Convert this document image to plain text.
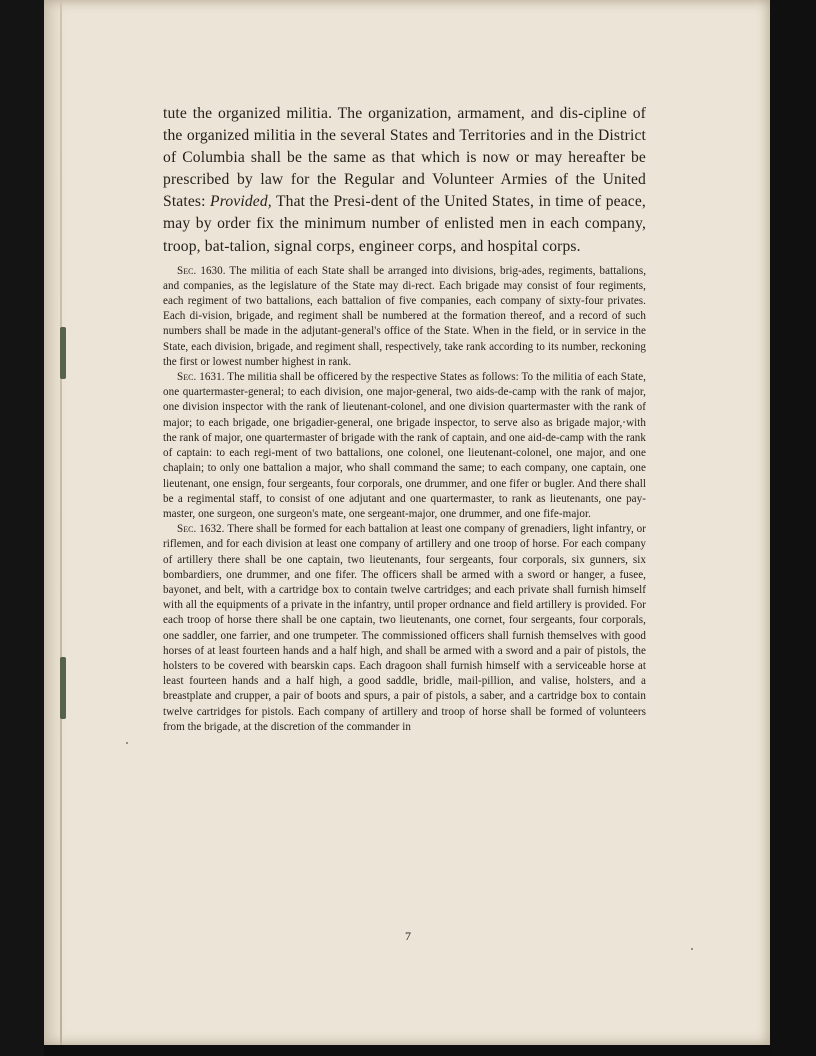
tute the organized militia. The organization, armament, and dis-cipline of the organized militia in the several States and Territories and in the District of Columbia shall be the same as that which is now or may hereafter be prescribed by law for the Regular and Volunteer Armies of the United States: Provided, That the Presi-dent of the United States, in time of peace, may by order fix the minimum number of enlisted men in each company, troop, bat-talion, signal corps, engineer corps, and hospital corps.

Sec. 1630. The militia of each State shall be arranged into divisions, brig-ades, regiments, battalions, and companies, as the legislature of the State may di-rect. Each brigade may consist of four regiments, each regiment of two battalions, each battalion of five companies, each company of sixty-four privates. Each di-vision, brigade, and regiment shall be numbered at the formation thereof, and a record of such numbers shall be made in the adjutant-general's office of the State. When in the field, or in service in the State, each division, brigade, and regiment shall, respectively, take rank according to its number, reckoning the first or lowest number highest in rank.

Sec. 1631. The militia shall be officered by the respective States as follows: To the militia of each State, one quartermaster-general; to each division, one major-general, two aids-de-camp with the rank of major, one division inspector with the rank of lieutenant-colonel, and one division quartermaster with the rank of major; to each brigade, one brigadier-general, one brigade inspector, to serve also as brigade major, with the rank of major, one quartermaster of brigade with the rank of captain, and one aid-de-camp with the rank of captain: to each regi-ment of two battalions, one colonel, one lieutenant-colonel, one major, and one chaplain; to only one battalion a major, who shall command the same; to each company, one captain, one lieutenant, one ensign, four sergeants, four corporals, one drummer, and one fifer or bugler. And there shall be a regimental staff, to consist of one adjutant and one quartermaster, to rank as lieutenants, one pay-master, one surgeon, one surgeon's mate, one sergeant-major, one drummer, and one fife-major.

Sec. 1632. There shall be formed for each battalion at least one company of grenadiers, light infantry, or riflemen, and for each division at least one company of artillery and one troop of horse. For each company of artillery there shall be one captain, two lieutenants, four sergeants, four corporals, six gunners, six bombardiers, one drummer, and one fifer. The officers shall be armed with a sword or hanger, a fusee, bayonet, and belt, with a cartridge box to contain twelve cartridges; and each private shall furnish himself with all the equipments of a private in the infantry, until proper ordnance and field artillery is provided. For each troop of horse there shall be one captain, two lieutenants, one cornet, four sergeants, four corporals, one saddler, one farrier, and one trumpeter. The commissioned officers shall furnish themselves with good horses of at least fourteen hands and a half high, and shall be armed with a sword and a pair of pistols, the holsters to be covered with bearskin caps. Each dragoon shall furnish himself with a serviceable horse at least fourteen hands and a half high, a good saddle, bridle, mail-pillion, and valise, holsters, and a breastplate and crupper, a pair of boots and spurs, a pair of pistols, a saber, and a cartridge box to contain twelve cartridges for pistols. Each company of artillery and troop of horse shall be formed of volunteers from the brigade, at the discretion of the commander in

7
